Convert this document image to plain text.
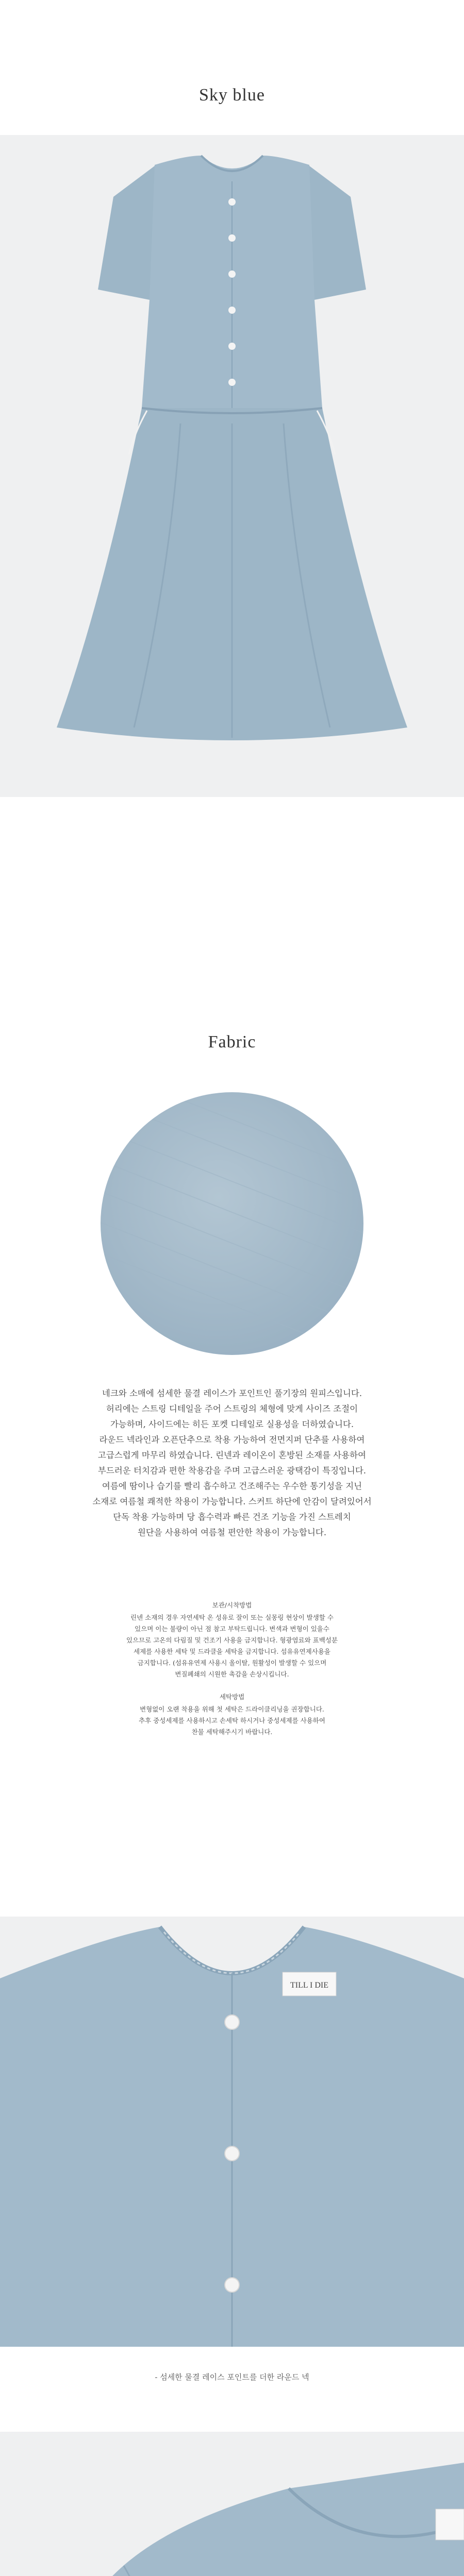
Sky blue
Fabric
네크와 소매에 섬세한 물결 레이스가 포인트인 풀기장의 원피스입니다.
허리에는 스트링 디테일을 주어 스트링의 체형에 맞게 사이즈 조절이
가능하며, 사이드에는 히든 포켓 디테일로 실용성을 더하였습니다.
라운드 넥라인과 오픈단추으로 착용 가능하여 전면지퍼 단추를 사용하여
고급스럽게 마무리 하였습니다. 린넨과 레이온이 혼방된 소재를 사용하여
부드러운 터치감과 편한 착용감을 주며 고급스러운 광택감이 특징입니다.
여름에 땀이나 습기를 빨리 흡수하고 건조해주는 우수한 통기성을 지닌
소재로 여름철 쾌적한 착용이 가능합니다. 스커트 하단에 안감이 달려있어서
단독 착용 가능하며 당 흡수력과 빠른 건조 기능을 가진 스트레치
원단을 사용하여 여름철 편안한 착용이 가능합니다.
보관/시착방법
린넨 소재의 경우 자연세탁 온 성유로 잘이 또는 실몽링 현상이 발생할 수
있으며 이는 불량이 아닌 점 참고 부탁드립니다. 변색과 변형이 있을수
있으므로 고온의 다림질 및 건조기 사용을 금지합니다. 형광염료와 표백성분
세제를 사용한 세탁 및 드라클을 세탁을 금지합니다. 섬유유연제사용을
금지합니다. (섬유유연제 사용시 올이탈, 원활성이 발생할 수 있으며
변질폐쇄의 시원한 촉감을 손상시킵니다.
세탁방법
변형없이 오랜 착용을 위해 첫 세탁은 드라이클리닝을 권장합니다.
추후 중성세제를 사용하시고 손세탁 하시거나 중성세제를 사용하여
찬물 세탁해주시기 바랍니다.
TILL I DIE
- 섬세한 물결 레이스 포인트를 더한 라운드 넥
